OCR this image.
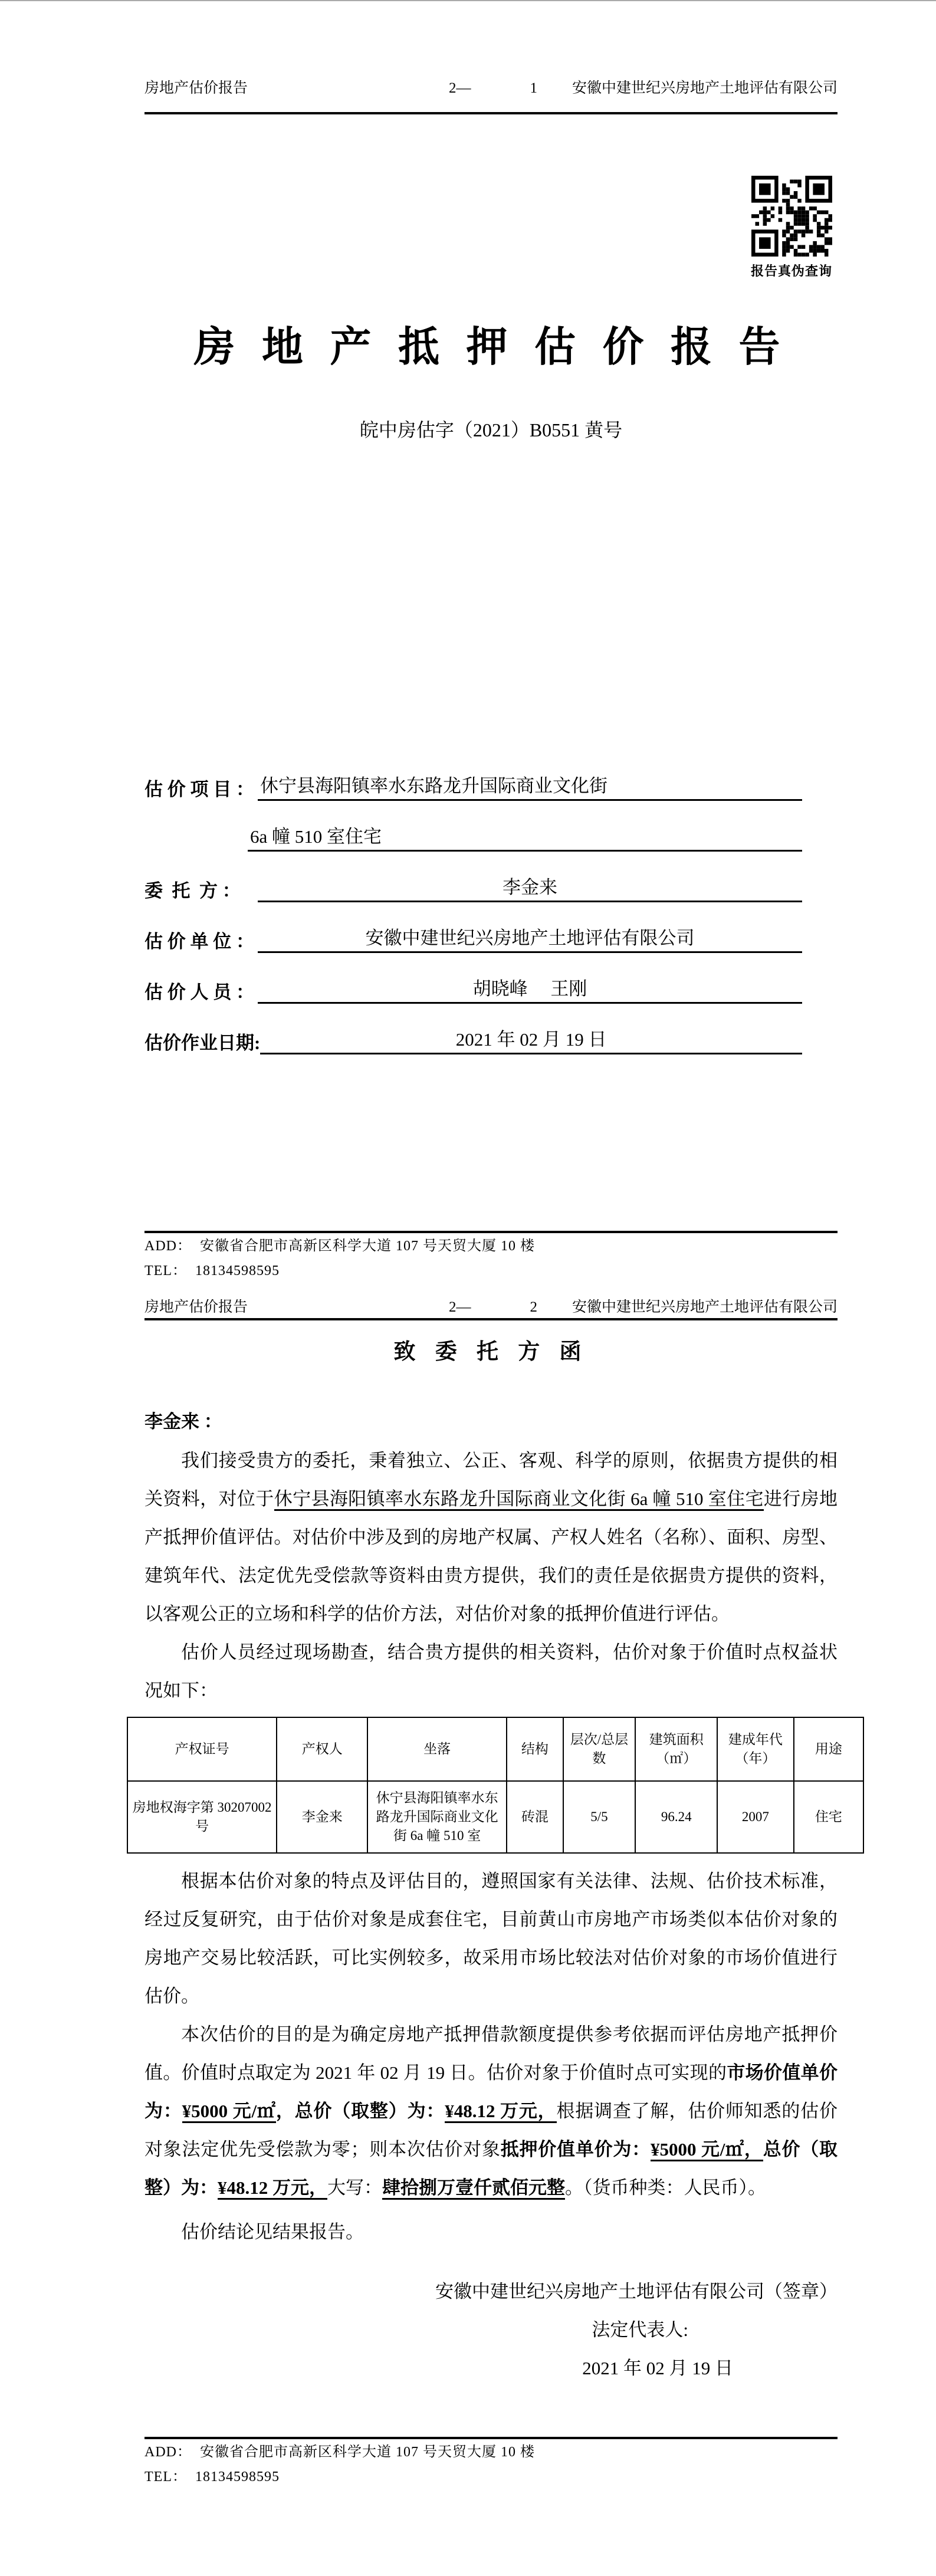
房地产估价报告	2—	1 安徽中建世纪兴房地产土地评估有限公司
报告真伪查询
房 地 产 抵 押 估 价 报 告
皖中房估字（2021）B0551 黄号
估 价 项 目 ： 休宁县海阳镇率水东路龙升国际商业文化街
6a 幢 510 室住宅
委  托  方 ：	李金来
估 价 单 位 ：	安徽中建世纪兴房地产土地评估有限公司
估 价 人 员 ：	胡晓峰　 王刚
估价作业日期:	2021 年 02 月 19 日
ADD：  安徽省合肥市高新区科学大道 107 号天贸大厦 10 楼
TEL：  18134598595
房地产估价报告	2—	2 安徽中建世纪兴房地产土地评估有限公司
致 委 托 方 函
李金来 ：

我们接受贵方的委托，秉着独立、公正、客观、科学的原则，依据贵方提供的相关资料，对位于休宁县海阳镇率水东路龙升国际商业文化街 6a 幢 510 室住宅进行房地产抵押价值评估。对估价中涉及到的房地产权属、产权人姓名（名称）、面积、房型、建筑年代、法定优先受偿款等资料由贵方提供，我们的责任是依据贵方提供的资料，以客观公正的立场和科学的估价方法，对估价对象的抵押价值进行评估。

估价人员经过现场勘查，结合贵方提供的相关资料，估价对象于价值时点权益状况如下：

产权证号	产权人	坐落	结构	层次/总层数	建筑面积（㎡）	建成年代（年）	用途
房地权海字第 30207002 号	李金来	休宁县海阳镇率水东路龙升国际商业文化街 6a 幢 510 室	砖混	5/5	96.24	2007	住宅

根据本估价对象的特点及评估目的，遵照国家有关法律、法规、估价技术标准，经过反复研究，由于估价对象是成套住宅，目前黄山市房地产市场类似本估价对象的房地产交易比较活跃，可比实例较多，故采用市场比较法对估价对象的市场价值进行估价。

本次估价的目的是为确定房地产抵押借款额度提供参考依据而评估房地产抵押价值。价值时点取定为 2021 年 02 月 19 日。估价对象于价值时点可实现的市场价值单价为：¥5000 元/㎡，总价（取整）为：¥48.12 万元，根据调查了解，估价师知悉的估价对象法定优先受偿款为零；则本次估价对象抵押价值单价为：¥5000 元/㎡，总价（取整）为：¥48.12 万元，大写：肆拾捌万壹仟贰佰元整。（货币种类：人民币）。

估价结论见结果报告。

安徽中建世纪兴房地产土地评估有限公司（签章）
法定代表人:
2021 年 02 月 19 日
ADD：  安徽省合肥市高新区科学大道 107 号天贸大厦 10 楼
TEL：  18134598595
